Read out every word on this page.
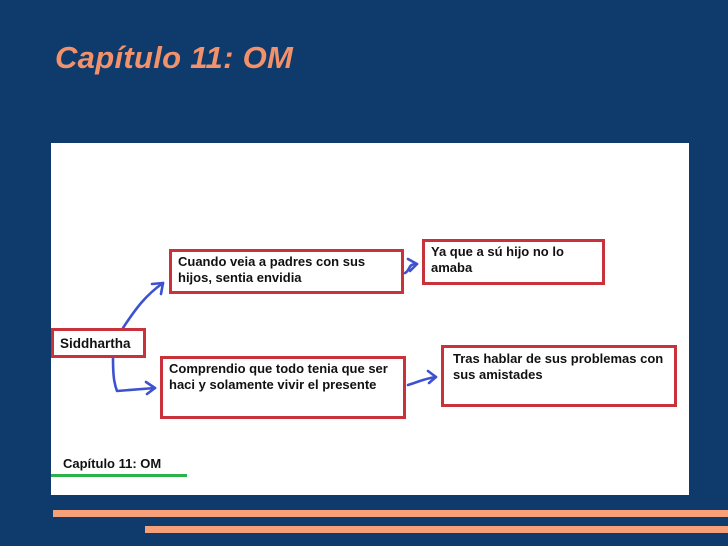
Capítulo 11: OM
Siddhartha
Cuando veia a padres con sus hijos, sentia envidia
Ya que a sú hijo no lo amaba
Comprendio que todo tenia que ser haci y solamente vivir el presente
Tras hablar de sus problemas con sus amistades
Capítulo 11: OM
